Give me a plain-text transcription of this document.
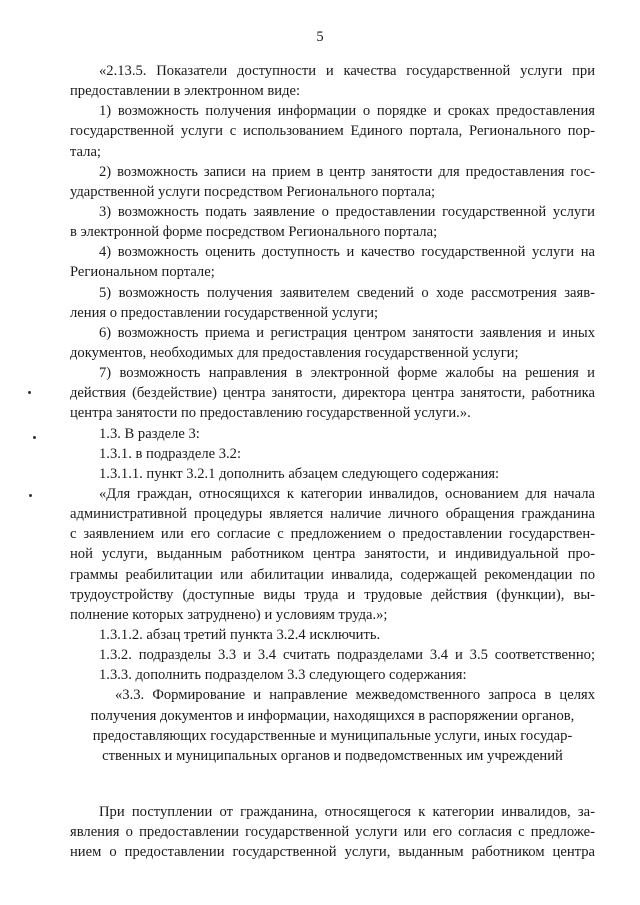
5
«2.13.5. Показатели доступности и качества государственной услуги при
предоставлении в электронном виде:
1) возможность получения информации о порядке и сроках предоставления
государственной услуги с использованием Единого портала, Регионального пор-
тала;
2) возможность записи на прием в центр занятости для предоставления гос-
ударственной услуги посредством Регионального портала;
3) возможность подать заявление о предоставлении государственной услуги
в электронной форме посредством Регионального портала;
4) возможность оценить доступность и качество государственной услуги на
Региональном портале;
5) возможность получения заявителем сведений о ходе рассмотрения заяв-
ления о предоставлении государственной услуги;
6) возможность приема и регистрация центром занятости заявления и иных
документов, необходимых для предоставления государственной услуги;
7) возможность направления в электронной форме жалобы на решения и
действия (бездействие) центра занятости, директора центра занятости, работника
центра занятости по предоставлению государственной услуги.».
1.3. В разделе 3:
1.3.1. в подразделе 3.2:
1.3.1.1. пункт 3.2.1 дополнить абзацем следующего содержания:
«Для граждан, относящихся к категории инвалидов, основанием для начала
административной процедуры является наличие личного обращения гражданина
с заявлением или его согласие с предложением о предоставлении государствен-
ной услуги, выданным работником центра занятости, и индивидуальной про-
граммы реабилитации или абилитации инвалида, содержащей рекомендации по
трудоустройству (доступные виды труда и трудовые действия (функции), вы-
полнение которых затруднено) и условиям труда.»;
1.3.1.2. абзац третий пункта 3.2.4 исключить.
1.3.2. подразделы 3.3 и 3.4 считать подразделами 3.4 и 3.5 соответственно;
1.3.3. дополнить подразделом 3.3 следующего содержания:
«3.3. Формирование и направление межведомственного запроса в целях
получения документов и информации, находящихся в распоряжении органов,
предоставляющих государственные и муниципальные услуги, иных государ-
ственных и муниципальных органов и подведомственных им учреждений
При поступлении от гражданина, относящегося к категории инвалидов, за-
явления о предоставлении государственной услуги или его согласия с предложе-
нием о предоставлении государственной услуги, выданным работником центра
